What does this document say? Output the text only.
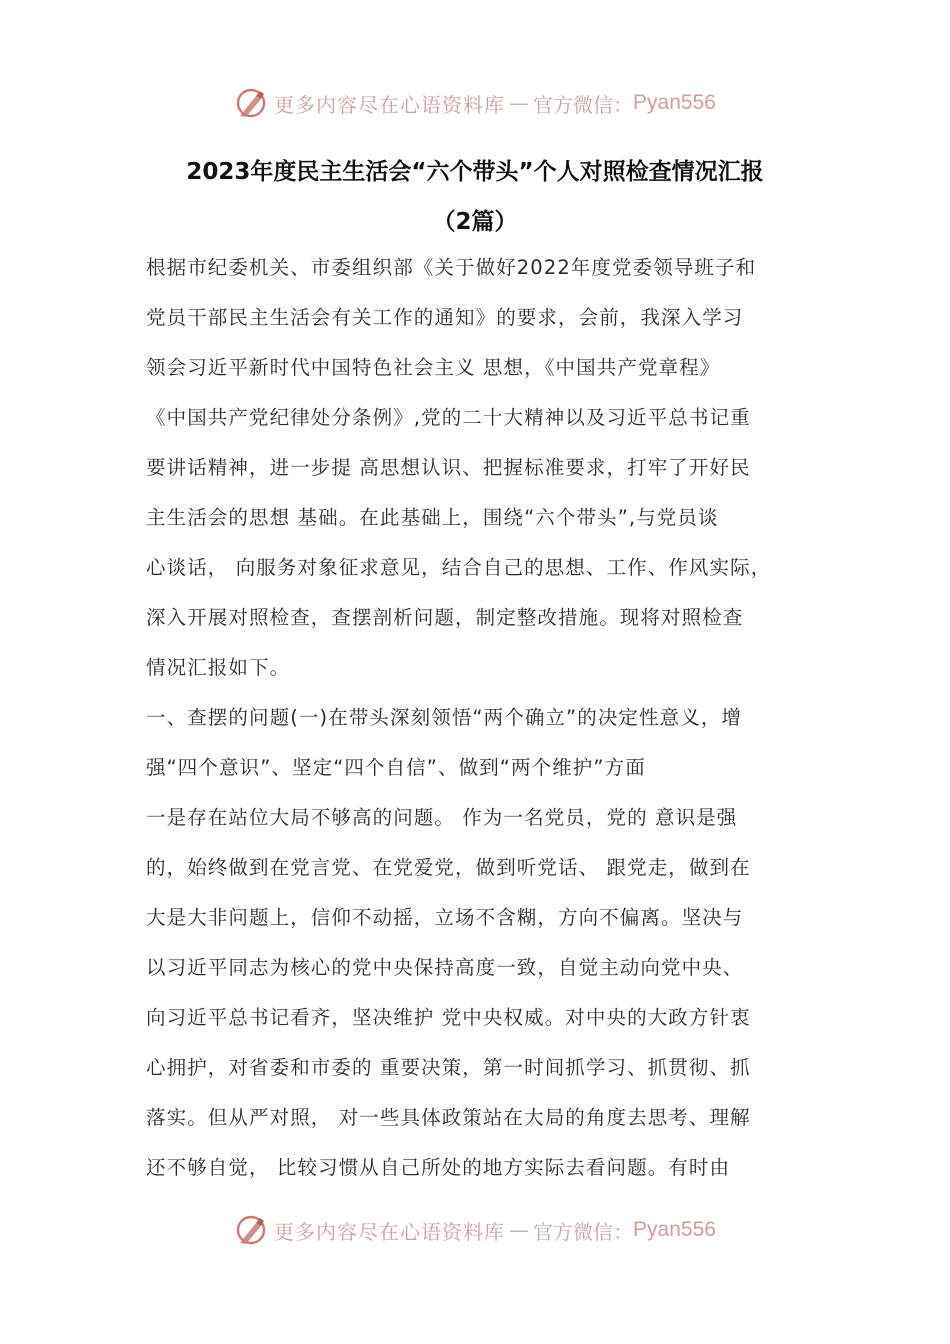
更多内容尽在心语资料库 — 官方微信： Pyan556
2023年度民主生活会“六个带头”个人对照检查情况汇报
（2篇）
根据市纪委机关、市委组织部《关于做好2022年度党委领导班子和
党员干部民主生活会有关工作的通知》的要求，会前，我深入学习
领会习近平新时代中国特色社会主义 思想，《中国共产党章程》
《中国共产党纪律处分条例》,党的二十大精神以及习近平总书记重
要讲话精神，进一步提 高思想认识、把握标准要求，打牢了开好民
主生活会的思想 基础。在此基础上，围绕“六个带头”,与党员谈
心谈话， 向服务对象征求意见，结合自己的思想、工作、作风实际，
深入开展对照检查，查摆剖析问题，制定整改措施。现将对照检查
情况汇报如下。
一、查摆的问题(一)在带头深刻领悟“两个确立”的决定性意义，增
强“四个意识”、坚定“四个自信”、做到“两个维护”方面
一是存在站位大局不够高的问题。 作为一名党员，党的 意识是强
的，始终做到在党言党、在党爱党，做到听党话、 跟党走，做到在
大是大非问题上，信仰不动摇，立场不含糊，方向不偏离。坚决与
以习近平同志为核心的党中央保持高度一致，自觉主动向党中央、
向习近平总书记看齐，坚决维护 党中央权威。对中央的大政方针衷
心拥护，对省委和市委的 重要决策，第一时间抓学习、抓贯彻、抓
落实。但从严对照， 对一些具体政策站在大局的角度去思考、理解
还不够自觉， 比较习惯从自己所处的地方实际去看问题。有时由
更多内容尽在心语资料库 — 官方微信： Pyan556
